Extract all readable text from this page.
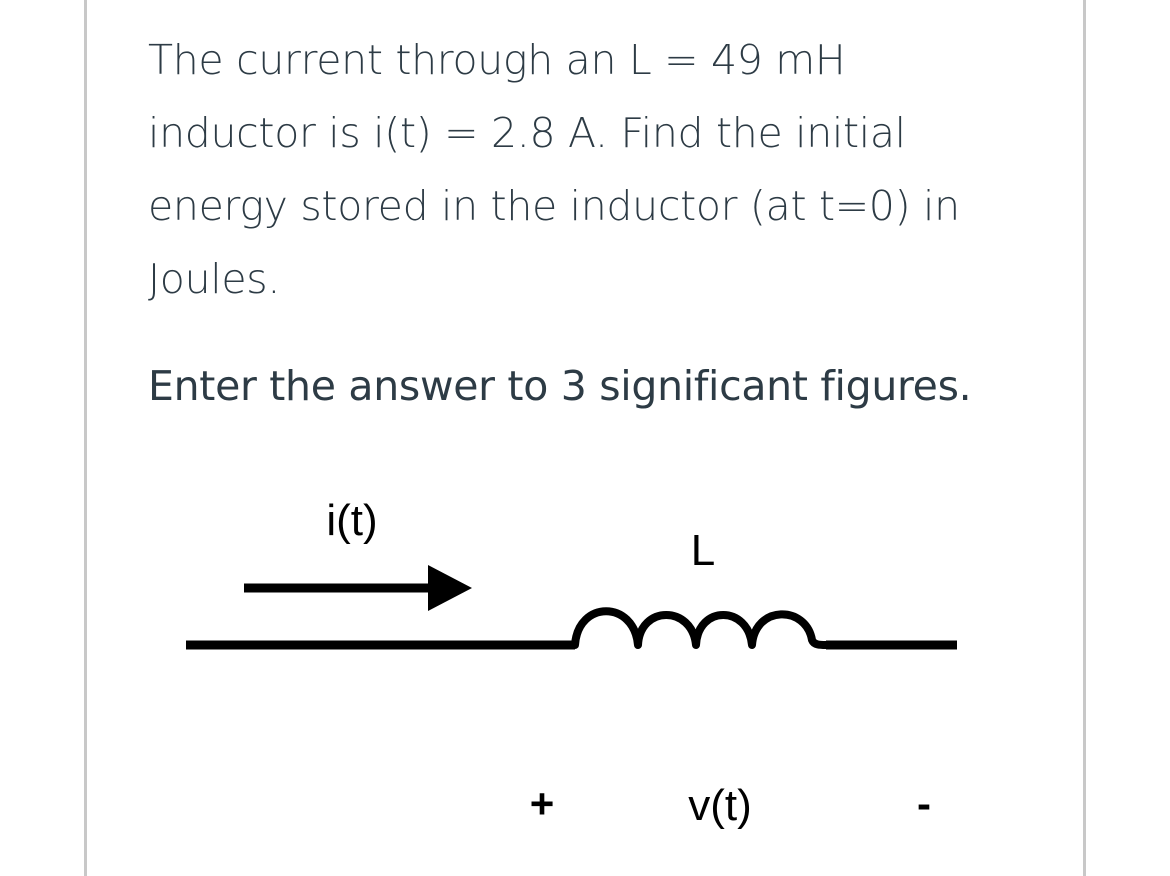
The current through an L = 49 mH
inductor is i(t) = 2.8 A. Find the initial
energy stored in the inductor (at t=0) in
Joules.
Enter the answer to 3 significant figures.
i(t)
L
+	v(t)	-
